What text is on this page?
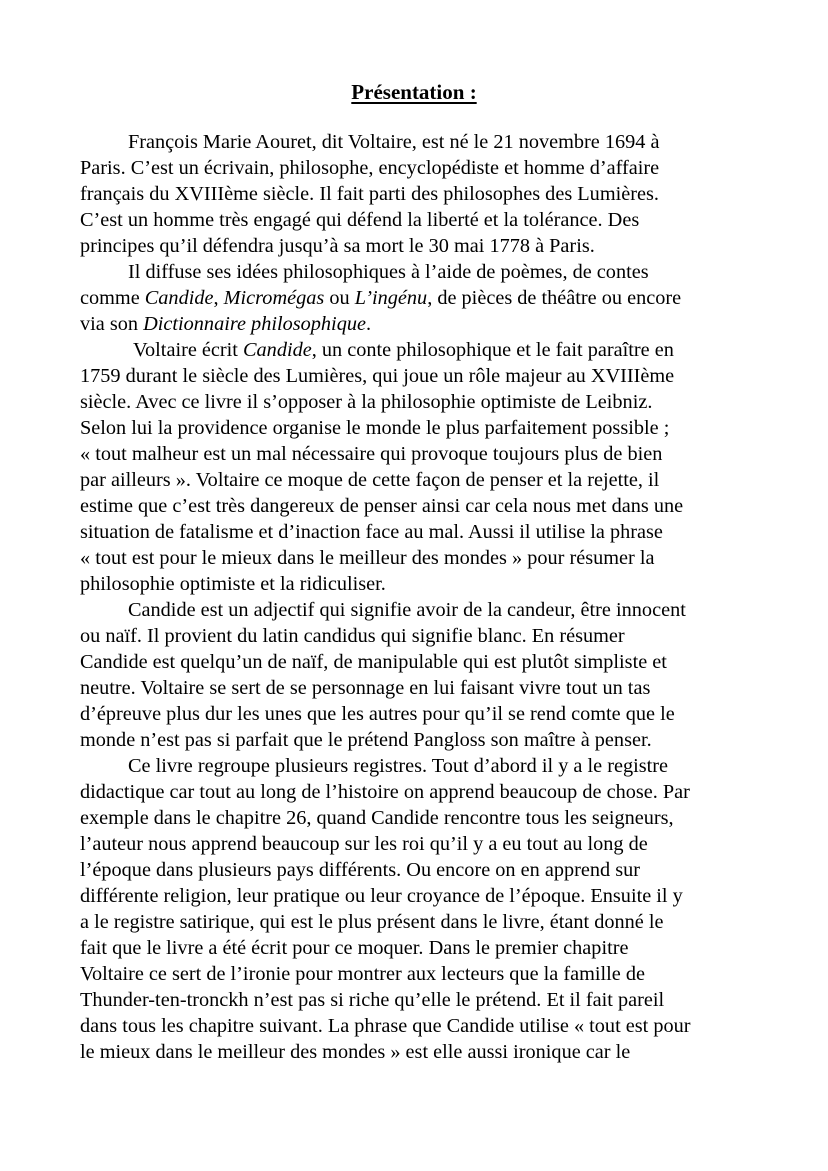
Présentation :
François Marie Aouret, dit Voltaire, est né le 21 novembre 1694 à
Paris. C’est un écrivain, philosophe, encyclopédiste et homme d’affaire
français du XVIIIème siècle. Il fait parti des philosophes des Lumières.
C’est un homme très engagé qui défend la liberté et la tolérance. Des
principes qu’il défendra jusqu’à sa mort le 30 mai 1778 à Paris.
Il diffuse ses idées philosophiques à l’aide de poèmes, de contes
comme Candide, Micromégas ou L’ingénu, de pièces de théâtre ou encore
via son Dictionnaire philosophique.
Voltaire écrit Candide, un conte philosophique et le fait paraître en
1759 durant le siècle des Lumières, qui joue un rôle majeur au XVIIIème
siècle. Avec ce livre il s’opposer à la philosophie optimiste de Leibniz.
Selon lui la providence organise le monde le plus parfaitement possible ;
« tout malheur est un mal nécessaire qui provoque toujours plus de bien
par ailleurs ». Voltaire ce moque de cette façon de penser et la rejette, il
estime que c’est très dangereux de penser ainsi car cela nous met dans une
situation de fatalisme et d’inaction face au mal. Aussi il utilise la phrase
« tout est pour le mieux dans le meilleur des mondes » pour résumer la
philosophie optimiste et la ridiculiser.
Candide est un adjectif qui signifie avoir de la candeur, être innocent
ou naïf. Il provient du latin candidus qui signifie blanc. En résumer
Candide est quelqu’un de naïf, de manipulable qui est plutôt simpliste et
neutre. Voltaire se sert de se personnage en lui faisant vivre tout un tas
d’épreuve plus dur les unes que les autres pour qu’il se rend comte que le
monde n’est pas si parfait que le prétend Pangloss son maître à penser.
Ce livre regroupe plusieurs registres. Tout d’abord il y a le registre
didactique car tout au long de l’histoire on apprend beaucoup de chose. Par
exemple dans le chapitre 26, quand Candide rencontre tous les seigneurs,
l’auteur nous apprend beaucoup sur les roi qu’il y a eu tout au long de
l’époque dans plusieurs pays différents. Ou encore on en apprend sur
différente religion, leur pratique ou leur croyance de l’époque. Ensuite il y
a le registre satirique, qui est le plus présent dans le livre, étant donné le
fait que le livre a été écrit pour ce moquer. Dans le premier chapitre
Voltaire ce sert de l’ironie pour montrer aux lecteurs que la famille de
Thunder-ten-tronckh n’est pas si riche qu’elle le prétend. Et il fait pareil
dans tous les chapitre suivant. La phrase que Candide utilise « tout est pour
le mieux dans le meilleur des mondes » est elle aussi ironique car le
